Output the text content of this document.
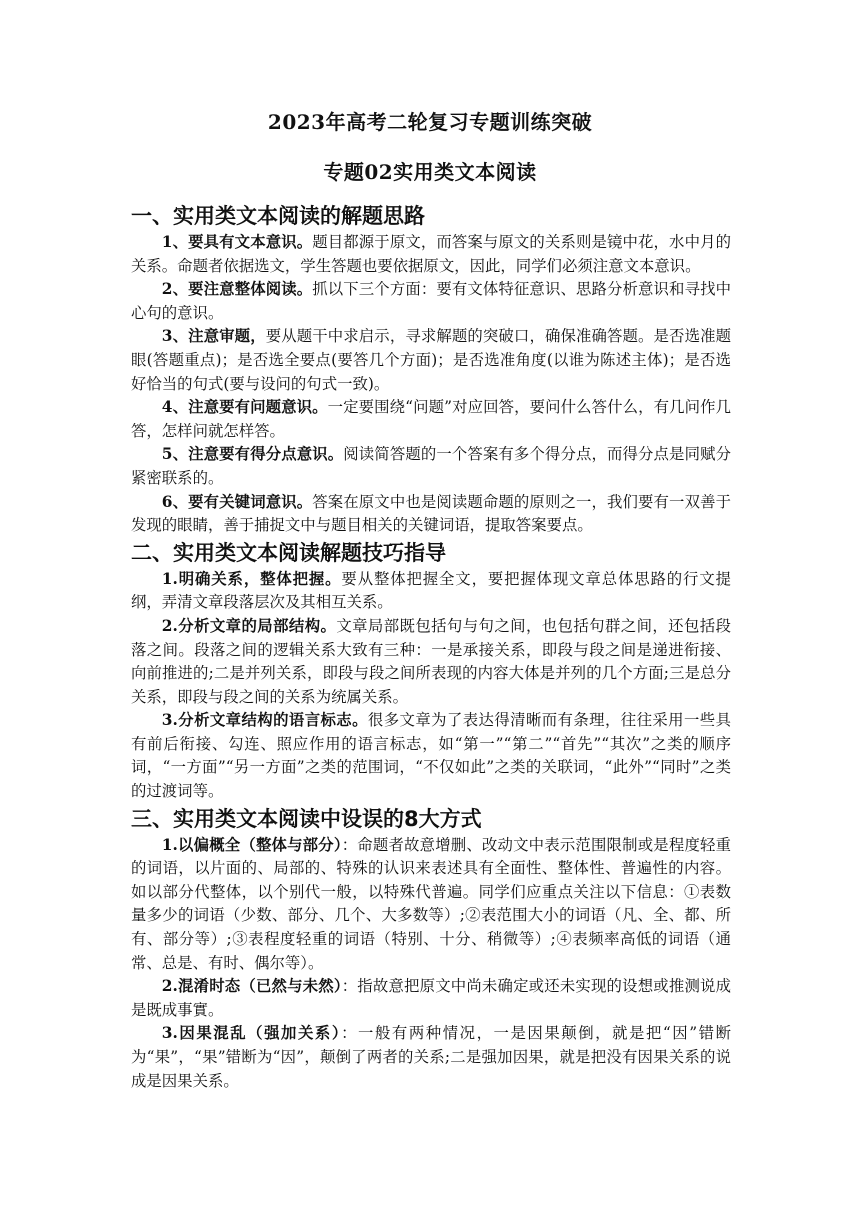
2023年高考二轮复习专题训练突破
专题02实用类文本阅读
一、实用类文本阅读的解题思路

1、要具有文本意识。题目都源于原文，而答案与原文的关系则是镜中花，水中月的关系。命题者依据选文，学生答题也要依据原文，因此，同学们必须注意文本意识。

2、要注意整体阅读。抓以下三个方面：要有文体特征意识、思路分析意识和寻找中心句的意识。

3、注意审题，要从题干中求启示，寻求解题的突破口，确保准确答题。是否选准题眼(答题重点)；是否选全要点(要答几个方面)；是否选准角度(以谁为陈述主体)；是否选好恰当的句式(要与设问的句式一致)。

4、注意要有问题意识。一定要围绕“问题”对应回答，要问什么答什么，有几问作几答，怎样问就怎样答。

5、注意要有得分点意识。阅读简答题的一个答案有多个得分点，而得分点是同赋分紧密联系的。

6、要有关键词意识。答案在原文中也是阅读题命题的原则之一，我们要有一双善于发现的眼睛，善于捕捉文中与题目相关的关键词语，提取答案要点。

二、实用类文本阅读解题技巧指导

1.明确关系，整体把握。要从整体把握全文，要把握体现文章总体思路的行文提纲，弄清文章段落层次及其相互关系。

2.分析文章的局部结构。文章局部既包括句与句之间，也包括句群之间，还包括段落之间。段落之间的逻辑关系大致有三种：一是承接关系，即段与段之间是递进衔接、向前推进的;二是并列关系，即段与段之间所表现的内容大体是并列的几个方面;三是总分关系，即段与段之间的关系为统属关系。

3.分析文章结构的语言标志。很多文章为了表达得清晰而有条理，往往采用一些具有前后衔接、勾连、照应作用的语言标志，如“第一”“第二”“首先”“其次”之类的顺序词，“一方面”“另一方面”之类的范围词，“不仅如此”之类的关联词，“此外”“同时”之类的过渡词等。

三、实用类文本阅读中设误的8大方式

1.以偏概全（整体与部分）：命题者故意增删、改动文中表示范围限制或是程度轻重的词语，以片面的、局部的、特殊的认识来表述具有全面性、整体性、普遍性的内容。如以部分代整体，以个别代一般，以特殊代普遍。同学们应重点关注以下信息：①表数量多少的词语（少数、部分、几个、大多数等）;②表范围大小的词语（凡、全、都、所有、部分等）;③表程度轻重的词语（特别、十分、稍微等）;④表频率高低的词语（通常、总是、有时、偶尔等）。

2.混淆时态（已然与未然）：指故意把原文中尚未确定或还未实现的设想或推测说成是既成事實。

3.因果混乱（强加关系）：一般有两种情况，一是因果颠倒，就是把“因”错断为“果”，“果”错断为“因”，颠倒了两者的关系;二是强加因果，就是把没有因果关系的说成是因果关系。
